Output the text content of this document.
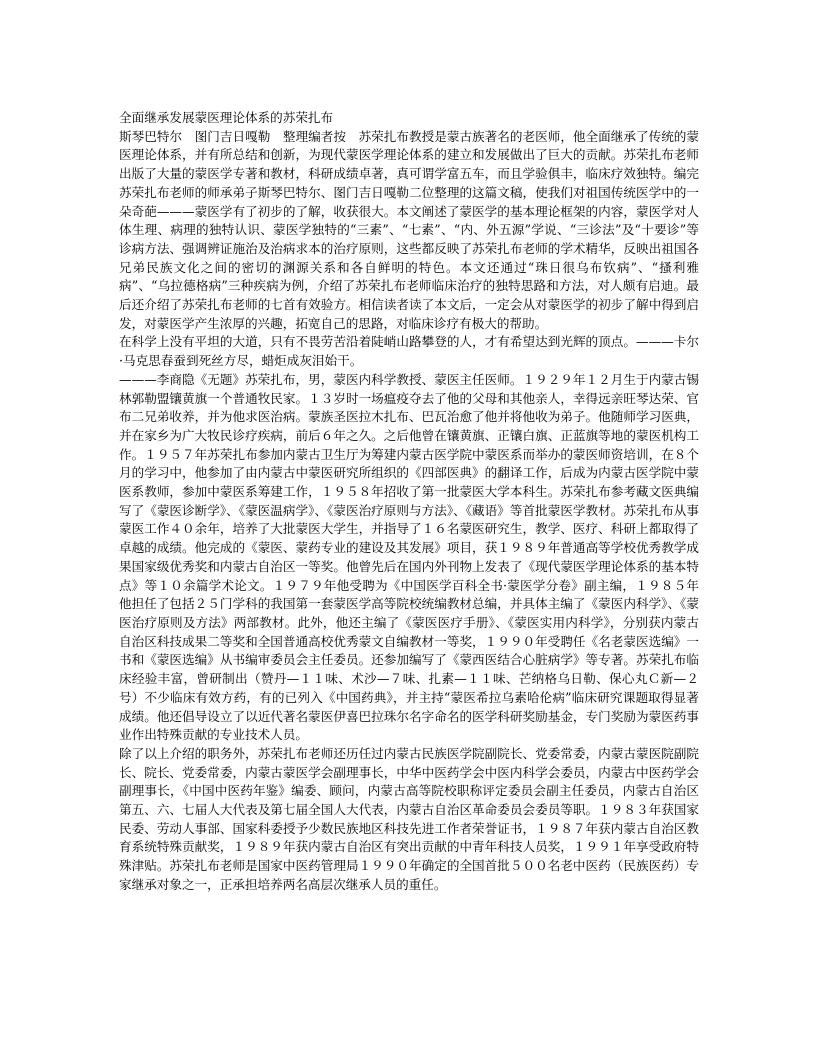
全面继承发展蒙医理论体系的苏荣扎布

斯琴巴特尔　图门吉日嘎勒　整理编者按　苏荣扎布教授是蒙古族著名的老医师，他全面继承了传统的蒙医理论体系，并有所总结和创新，为现代蒙医学理论体系的建立和发展做出了巨大的贡献。苏荣扎布老师出版了大量的蒙医学专著和教材，科研成绩卓著，真可谓学富五车，而且学验俱丰，临床疗效独特。编完苏荣扎布老师的师承弟子斯琴巴特尔、图门吉日嘎勒二位整理的这篇文稿，使我们对祖国传统医学中的一朵奇葩———蒙医学有了初步的了解，收获很大。本文阐述了蒙医学的基本理论框架的内容，蒙医学对人体生理、病理的独特认识、蒙医学独特的“三素”、“七素”、“内、外五源”学说、“三诊法”及“十要诊”等诊病方法、强调辨证施治及治病求本的治疗原则，这些都反映了苏荣扎布老师的学术精华，反映出祖国各兄弟民族文化之间的密切的渊源关系和各自鲜明的特色。本文还通过“珠日很乌布钦病”、“搔利雅病”、“乌拉德格病”三种疾病为例，介绍了苏荣扎布老师临床治疗的独特思路和方法，对人颇有启迪。最后还介绍了苏荣扎布老师的七首有效验方。相信读者读了本文后，一定会从对蒙医学的初步了解中得到启发，对蒙医学产生浓厚的兴趣，拓宽自己的思路，对临床诊疗有极大的帮助。

在科学上没有平坦的大道，只有不畏劳苦沿着陡峭山路攀登的人，才有希望达到光辉的顶点。———卡尔·马克思春蚕到死丝方尽，蜡炬成灰泪始干。

———李商隐《无题》苏荣扎布，男，蒙医内科学教授、蒙医主任医师。１９２９年１２月生于内蒙古锡林郭勒盟镶黄旗一个普通牧民家。１３岁时一场瘟疫夺去了他的父母和其他亲人，幸得远亲旺琴达荣、官布二兄弟收养，并为他求医治病。蒙族圣医拉木扎布、巴瓦治愈了他并将他收为弟子。他随师学习医典，并在家乡为广大牧民诊疗疾病，前后６年之久。之后他曾在镶黄旗、正镶白旗、正蓝旗等地的蒙医机构工作。１９５７年苏荣扎布参加内蒙古卫生厅为筹建内蒙古医学院中蒙医系而举办的蒙医师资培训，在８个月的学习中，他参加了由内蒙古中蒙医研究所组织的《四部医典》的翻译工作，后成为内蒙古医学院中蒙医系教师，参加中蒙医系筹建工作，１９５８年招收了第一批蒙医大学本科生。苏荣扎布参考藏文医典编写了《蒙医诊断学》、《蒙医温病学》、《蒙医治疗原则与方法》、《藏语》等首批蒙医学教材。苏荣扎布从事蒙医工作４０余年，培养了大批蒙医大学生，并指导了１６名蒙医研究生，教学、医疗、科研上都取得了卓越的成绩。他完成的《蒙医、蒙药专业的建设及其发展》项目，获１９８９年普通高等学校优秀教学成果国家级优秀奖和内蒙古自治区一等奖。他曾先后在国内外刊物上发表了《现代蒙医学理论体系的基本特点》等１０余篇学术论文。１９７９年他受聘为《中国医学百科全书·蒙医学分卷》副主编，１９８５年他担任了包括２５门学科的我国第一套蒙医学高等院校统编教材总编，并具体主编了《蒙医内科学》、《蒙医治疗原则及方法》两部教材。此外，他还主编了《蒙医医疗手册》、《蒙医实用内科学》，分别获内蒙古自治区科技成果二等奖和全国普通高校优秀蒙文自编教材一等奖，１９９０年受聘任《名老蒙医选编》一书和《蒙医选编》从书编审委员会主任委员。还参加编写了《蒙西医结合心脏病学》等专著。苏荣扎布临床经验丰富，曾研制出（赞丹—１１味、术沙—７味、扎素—１１味、芒纳格乌日勒、保心丸Ｃ新—２号）不少临床有效方药，有的已列入《中国药典》，并主持“蒙医希拉乌素哈伦病”临床研究课题取得显著成绩。他还倡导设立了以近代著名蒙医伊喜巴拉珠尔名字命名的医学科研奖励基金，专门奖励为蒙医药事业作出特殊贡献的专业技术人员。

除了以上介绍的职务外，苏荣扎布老师还历任过内蒙古民族医学院副院长、党委常委，内蒙古蒙医院副院长、院长、党委常委，内蒙古蒙医学会副理事长，中华中医药学会中医内科学会委员，内蒙古中医药学会副理事长，《中国中医药年鉴》编委、顾问，内蒙古高等院校职称评定委员会副主任委员，内蒙古自治区第五、六、七届人大代表及第七届全国人大代表，内蒙古自治区革命委员会委员等职。１９８３年获国家民委、劳动人事部、国家科委授予少数民族地区科技先进工作者荣誉证书，１９８７年获内蒙古自治区教育系统特殊贡献奖，１９８９年获内蒙古自治区有突出贡献的中青年科技人员奖，１９９１年享受政府特殊津贴。苏荣扎布老师是国家中医药管理局１９９０年确定的全国首批５００名老中医药（民族医药）专家继承对象之一，正承担培养两名高层次继承人员的重任。
